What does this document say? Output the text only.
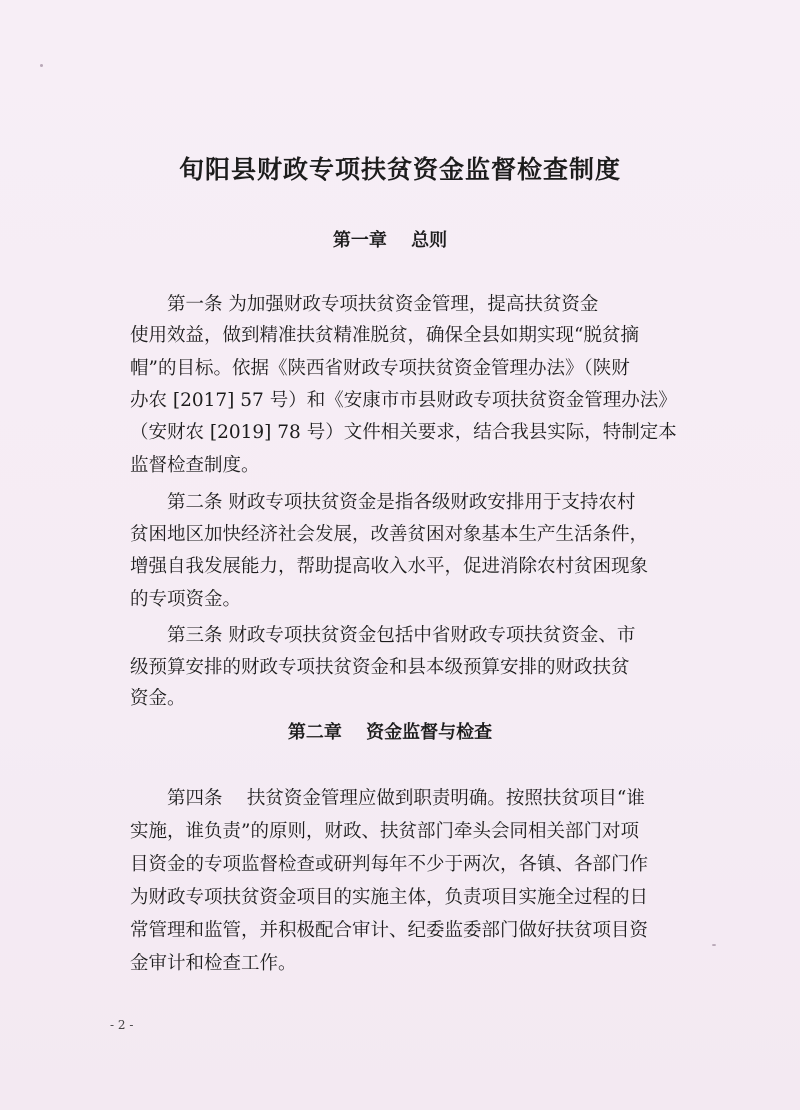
旬阳县财政专项扶贫资金监督检查制度
第一章　 总则
　　第一条 为加强财政专项扶贫资金管理，提高扶贫资金
使用效益，做到精准扶贫精准脱贫，确保全县如期实现“脱贫摘
帽”的目标。依据《陕西省财政专项扶贫资金管理办法》（陕财
办农 [2017] 57 号）和《安康市市县财政专项扶贫资金管理办法》
（安财农 [2019] 78 号）文件相关要求，结合我县实际，特制定本
监督检查制度。
　　第二条 财政专项扶贫资金是指各级财政安排用于支持农村
贫困地区加快经济社会发展，改善贫困对象基本生产生活条件，
增强自我发展能力，帮助提高收入水平，促进消除农村贫困现象
的专项资金。
　　第三条 财政专项扶贫资金包括中省财政专项扶贫资金、市
级预算安排的财政专项扶贫资金和县本级预算安排的财政扶贫
资金。
第二章　 资金监督与检查
　　第四条　 扶贫资金管理应做到职责明确。按照扶贫项目“谁
实施，谁负责”的原则，财政、扶贫部门牵头会同相关部门对项
目资金的专项监督检查或研判每年不少于两次，各镇、各部门作
为财政专项扶贫资金项目的实施主体，负责项目实施全过程的日
常管理和监管，并积极配合审计、纪委监委部门做好扶贫项目资
金审计和检查工作。
- 2 -
